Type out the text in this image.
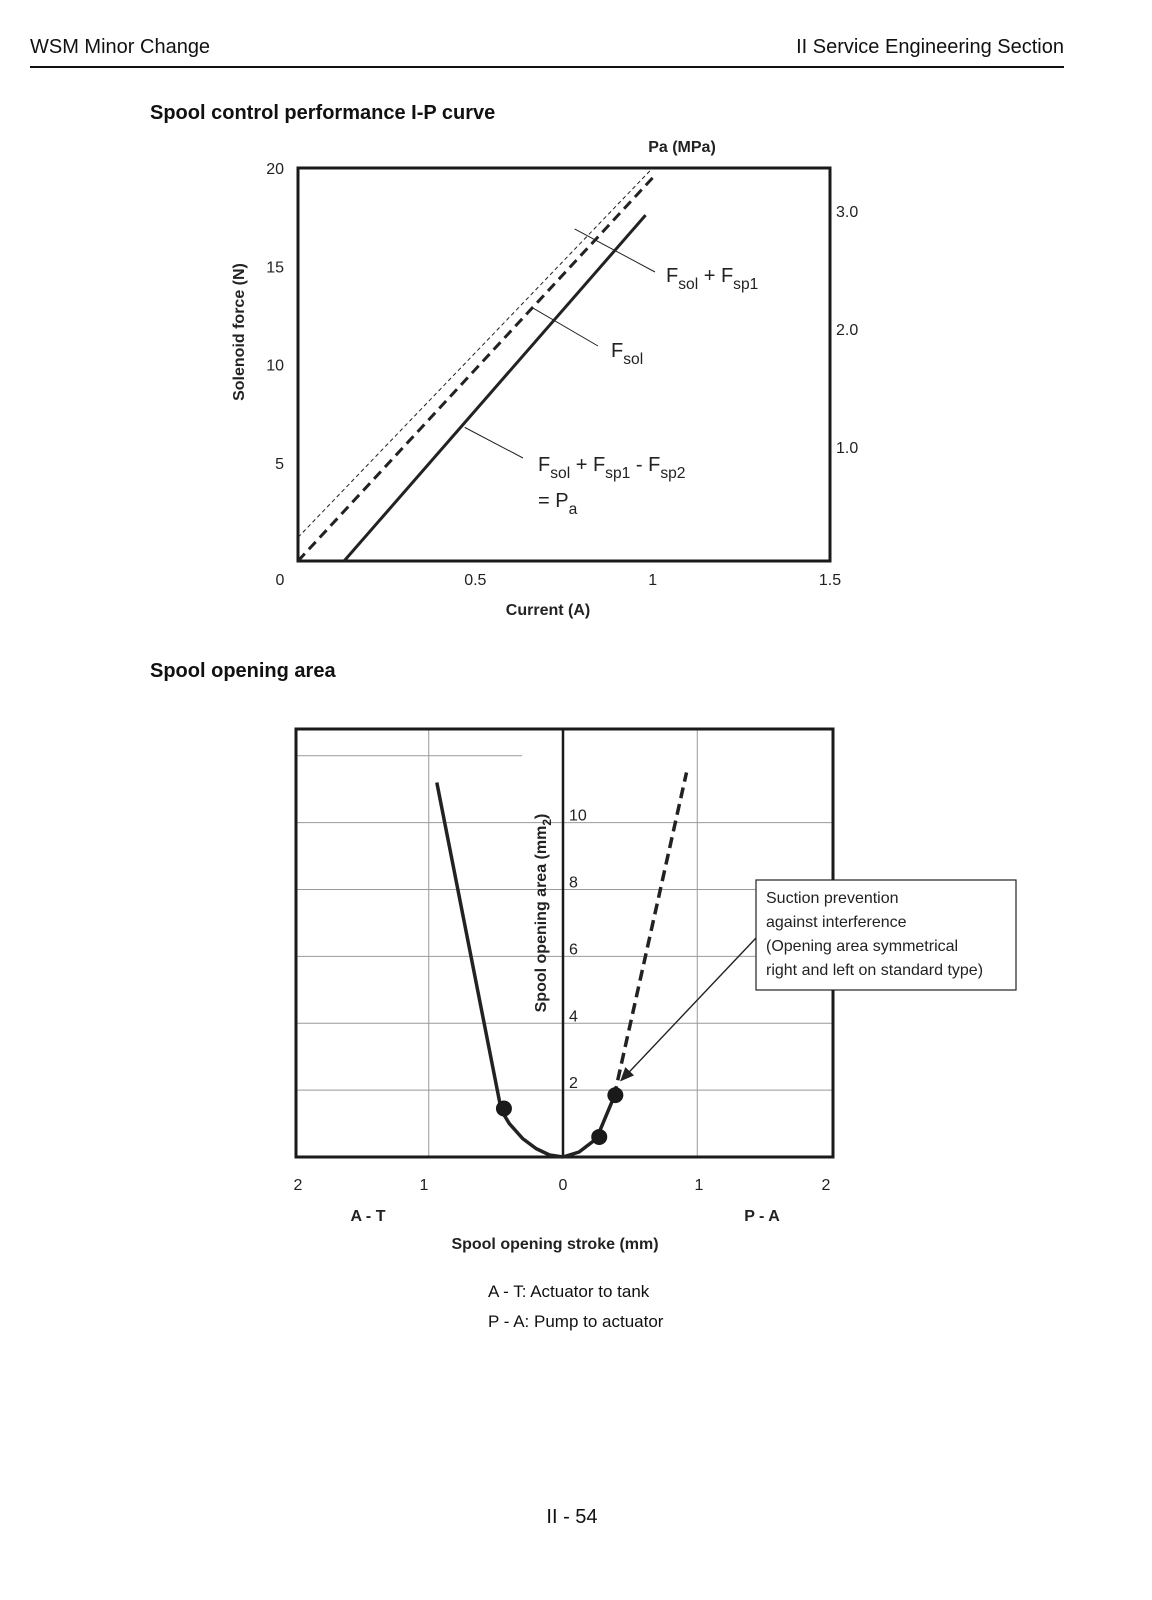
WSM Minor Change	II Service Engineering Section
Spool control performance I-P curve
0	0.5	1	1.5
5
10
15
20
1.0
2.0
3.0
Current (A)
Solenoid force (N)
Pa (MPa)
$F_{sol} + F_{sp1}$
$F_{sol}$
$F_{sol} + F_{sp1} - F_{sp2}$
= $P_a$
Spool opening area
2
4
6
8
10
Spool opening area $(mm_2)$
2	1	0	1	2
A - T	P - A
Spool opening stroke (mm)
Suction prevention
against interference
(Opening area symmetrical
right and left on standard type)
A - T: Actuator to tank
P - A: Pump to actuator
II - 54
